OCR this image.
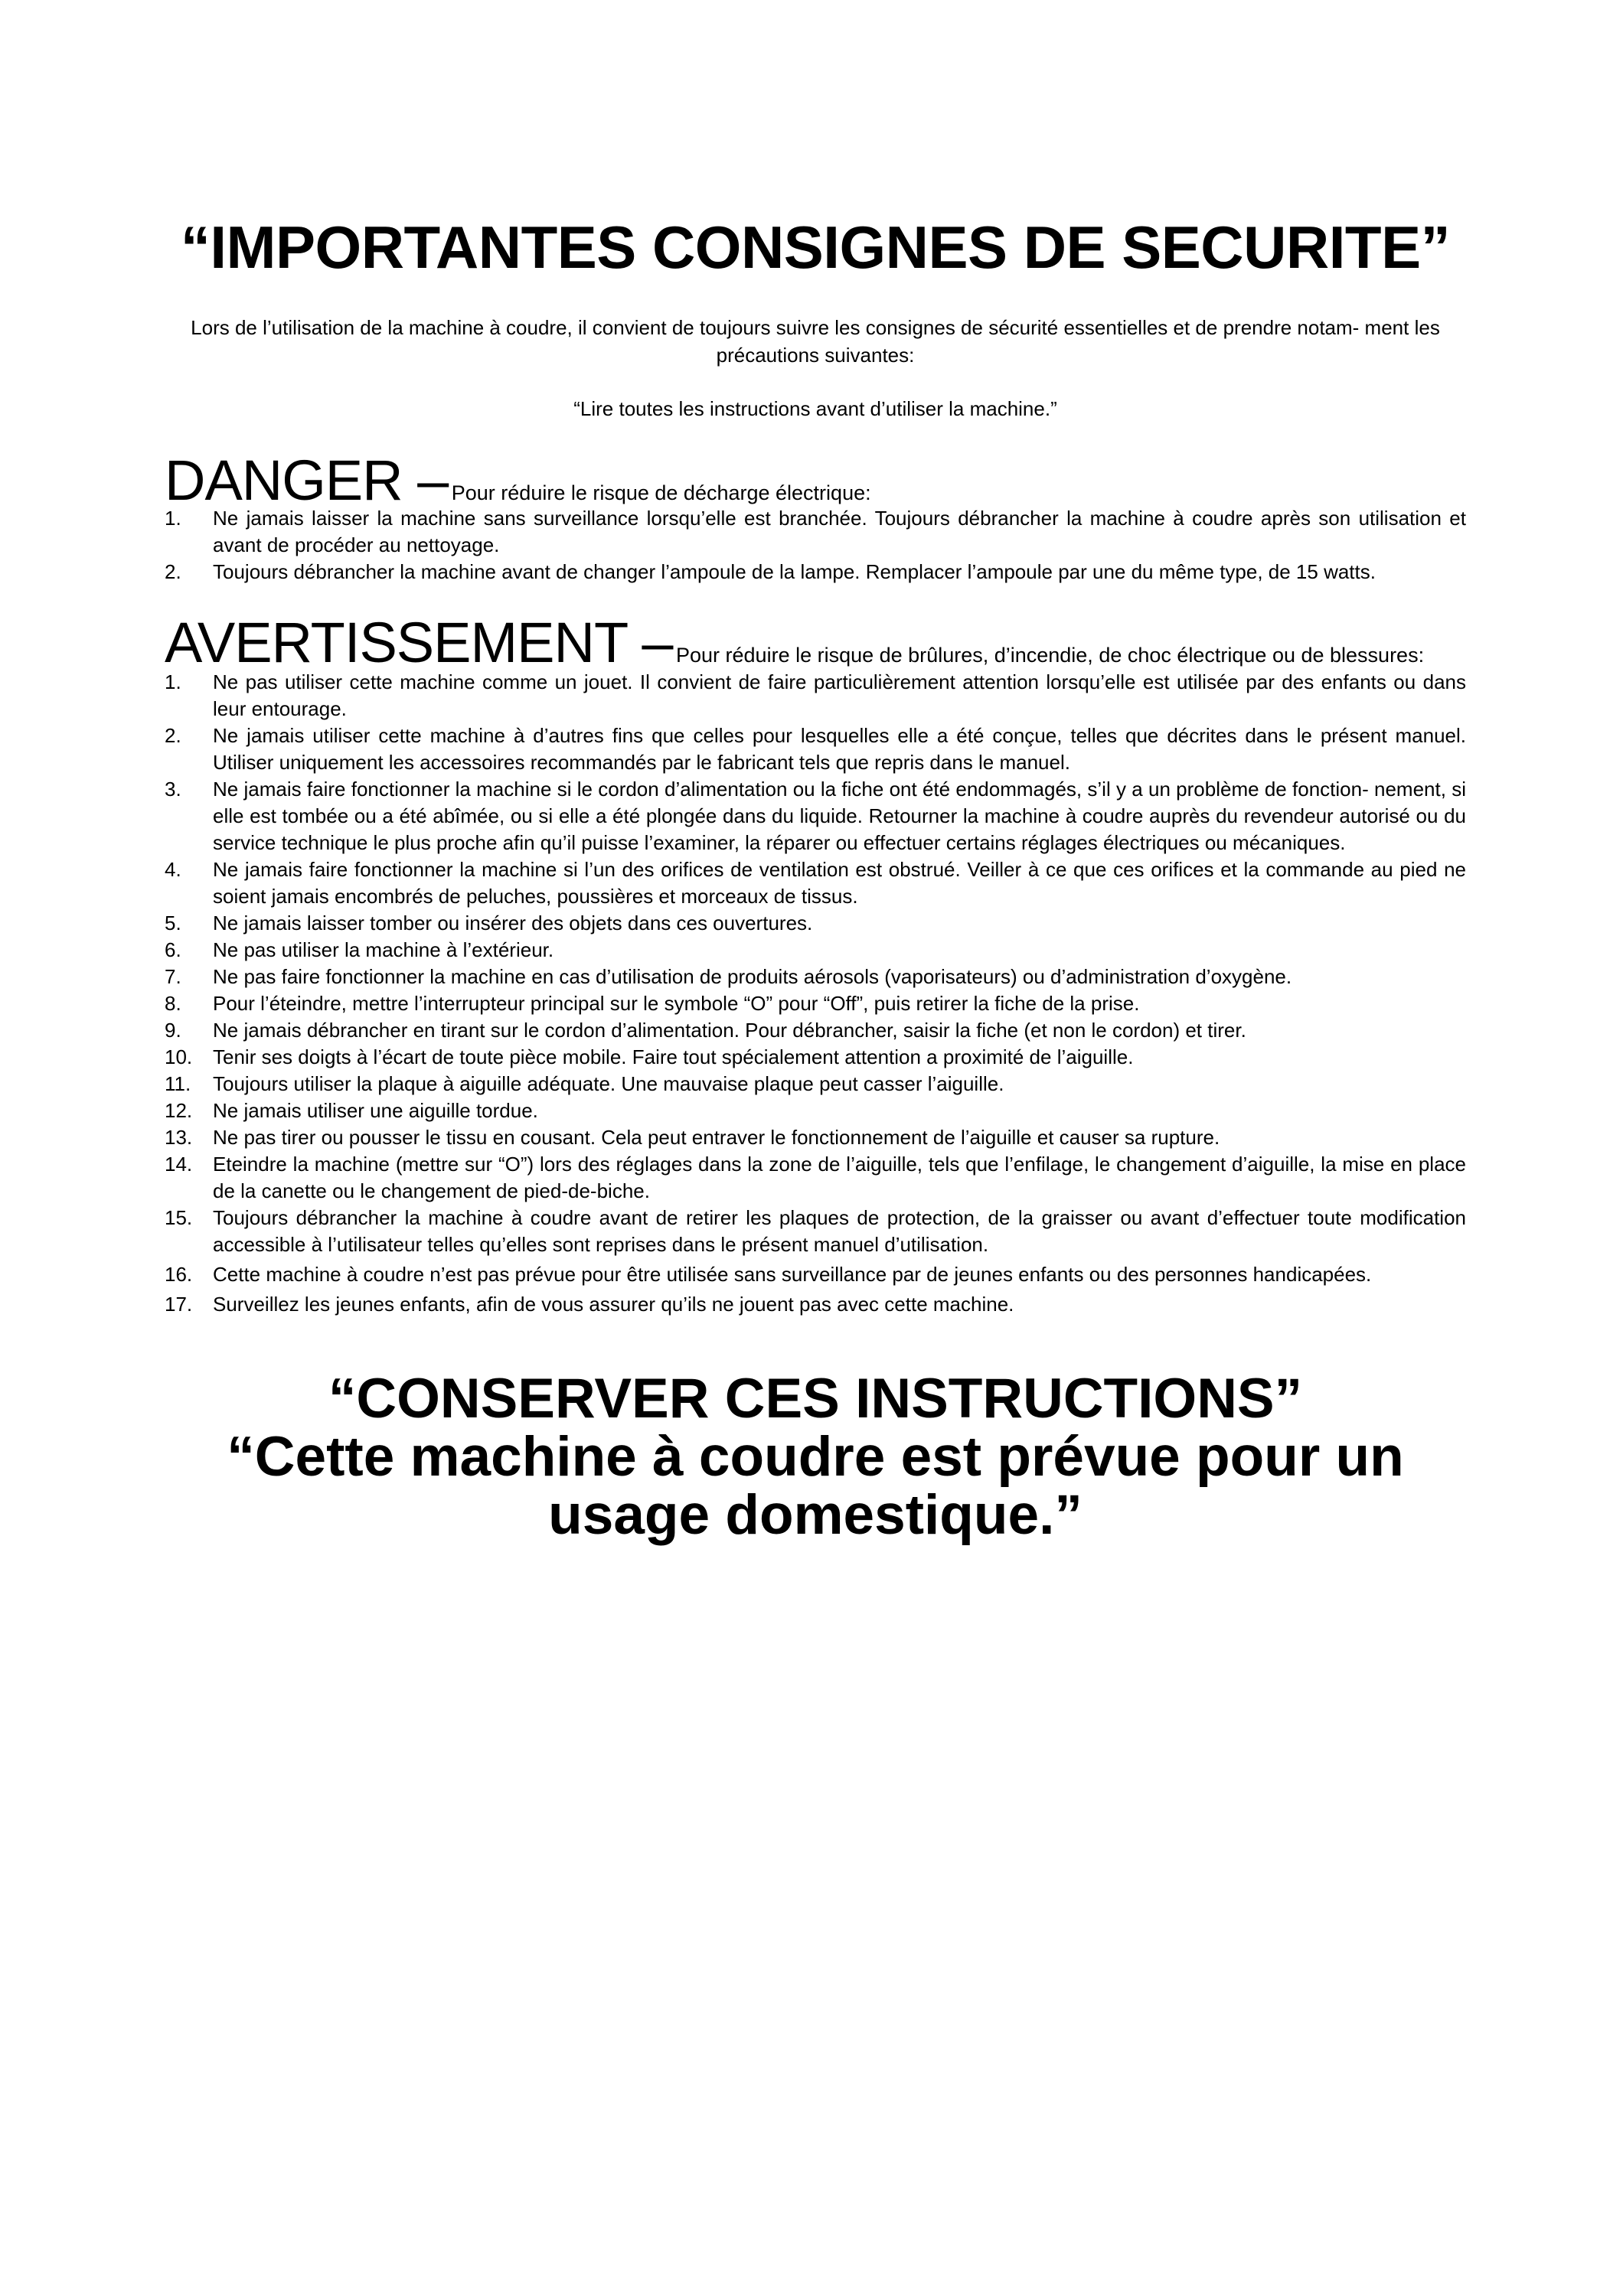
“IMPORTANTES CONSIGNES DE SECURITE”
Lors de l’utilisation de la machine à coudre, il convient de toujours suivre les consignes de sécurité essentielles et de prendre notam- ment les précautions suivantes:
“Lire toutes les instructions avant d’utiliser la machine.”
DANGER – Pour réduire le risque de décharge électrique:
1. Ne jamais laisser la machine sans surveillance lorsqu’elle est branchée. Toujours débrancher la machine à coudre après son utilisation et avant de procéder au nettoyage.
2. Toujours débrancher la machine avant de changer l’ampoule de la lampe. Remplacer l’ampoule par une du même type, de 15 watts.
AVERTISSEMENT – Pour réduire le risque de brûlures, d’incendie, de choc électrique ou de blessures:
1. Ne pas utiliser cette machine comme un jouet. Il convient de faire particulièrement attention lorsqu’elle est utilisée par des enfants ou dans leur entourage.
2. Ne jamais utiliser cette machine à d’autres fins que celles pour lesquelles elle a été conçue, telles que décrites dans le présent manuel. Utiliser uniquement les accessoires recommandés par le fabricant tels que repris dans le manuel.
3. Ne jamais faire fonctionner la machine si le cordon d’alimentation ou la fiche ont été endommagés, s’il y a un problème de fonction- nement, si elle est tombée ou a été abîmée, ou si elle a été plongée dans du liquide. Retourner la machine à coudre auprès du revendeur autorisé ou du service technique le plus proche afin qu’il puisse l’examiner, la réparer ou effectuer certains réglages électriques ou mécaniques.
4. Ne jamais faire fonctionner la machine si l’un des orifices de ventilation est obstrué. Veiller à ce que ces orifices et la commande au pied ne soient jamais encombrés de peluches, poussières et morceaux de tissus.
5. Ne jamais laisser tomber ou insérer des objets dans ces ouvertures.
6. Ne pas utiliser la machine à l’extérieur.
7. Ne pas faire fonctionner la machine en cas d’utilisation de produits aérosols (vaporisateurs) ou d’administration d’oxygène.
8. Pour l’éteindre, mettre l’interrupteur principal sur le symbole “O” pour “Off”, puis retirer la fiche de la prise.
9. Ne jamais débrancher en tirant sur le cordon d’alimentation. Pour débrancher, saisir la fiche (et non le cordon) et tirer.
10. Tenir ses doigts à l’écart de toute pièce mobile. Faire tout spécialement attention a proximité de l’aiguille.
11. Toujours utiliser la plaque à aiguille adéquate. Une mauvaise plaque peut casser l’aiguille.
12. Ne jamais utiliser une aiguille tordue.
13. Ne pas tirer ou pousser le tissu en cousant. Cela peut entraver le fonctionnement de l’aiguille et causer sa rupture.
14. Eteindre la machine (mettre sur “O”) lors des réglages dans la zone de l’aiguille, tels que l’enfilage, le changement d’aiguille, la mise en place de la canette ou le changement de pied-de-biche.
15. Toujours débrancher la machine à coudre avant de retirer les plaques de protection, de la graisser ou avant d’effectuer toute modification accessible à l’utilisateur telles qu’elles sont reprises dans le présent manuel d’utilisation.
16. Cette machine à coudre n’est pas prévue pour être utilisée sans surveillance par de jeunes enfants ou des personnes handicapées.
17. Surveillez les jeunes enfants, afin de vous assurer qu’ils ne jouent pas avec cette machine.
“CONSERVER CES INSTRUCTIONS”
“Cette machine à coudre est prévue pour un
usage domestique.”
